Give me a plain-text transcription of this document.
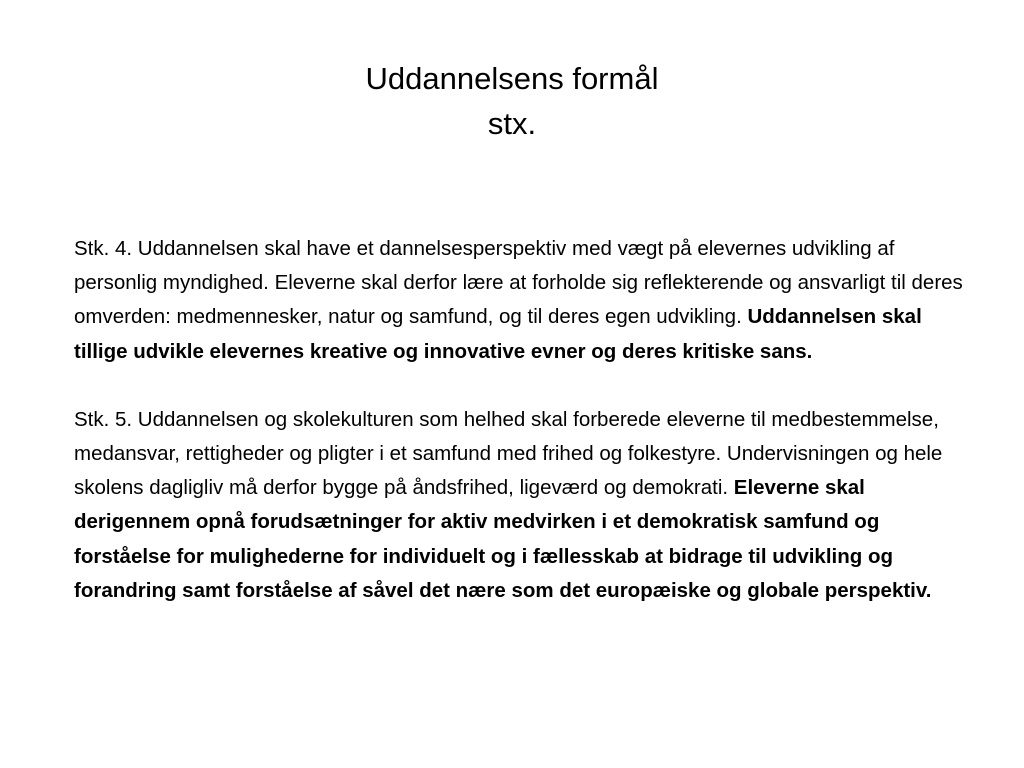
Uddannelsens formål
stx.

Stk. 4. Uddannelsen skal have et dannelsesperspektiv med vægt på elevernes udvikling af personlig myndighed. Eleverne skal derfor lære at forholde sig reflekterende og ansvarligt til deres omverden: medmennesker, natur og samfund, og til deres egen udvikling. Uddannelsen skal tillige udvikle elevernes kreative og innovative evner og deres kritiske sans.

Stk. 5. Uddannelsen og skolekulturen som helhed skal forberede eleverne til medbestemmelse, medansvar, rettigheder og pligter i et samfund med frihed og folkestyre. Undervisningen og hele skolens dagligliv må derfor bygge på åndsfrihed, ligeværd og demokrati. Eleverne skal derigennem opnå forudsætninger for aktiv medvirken i et demokratisk samfund og forståelse for mulighederne for individuelt og i fællesskab at bidrage til udvikling og forandring samt forståelse af såvel det nære som det europæiske og globale perspektiv.
